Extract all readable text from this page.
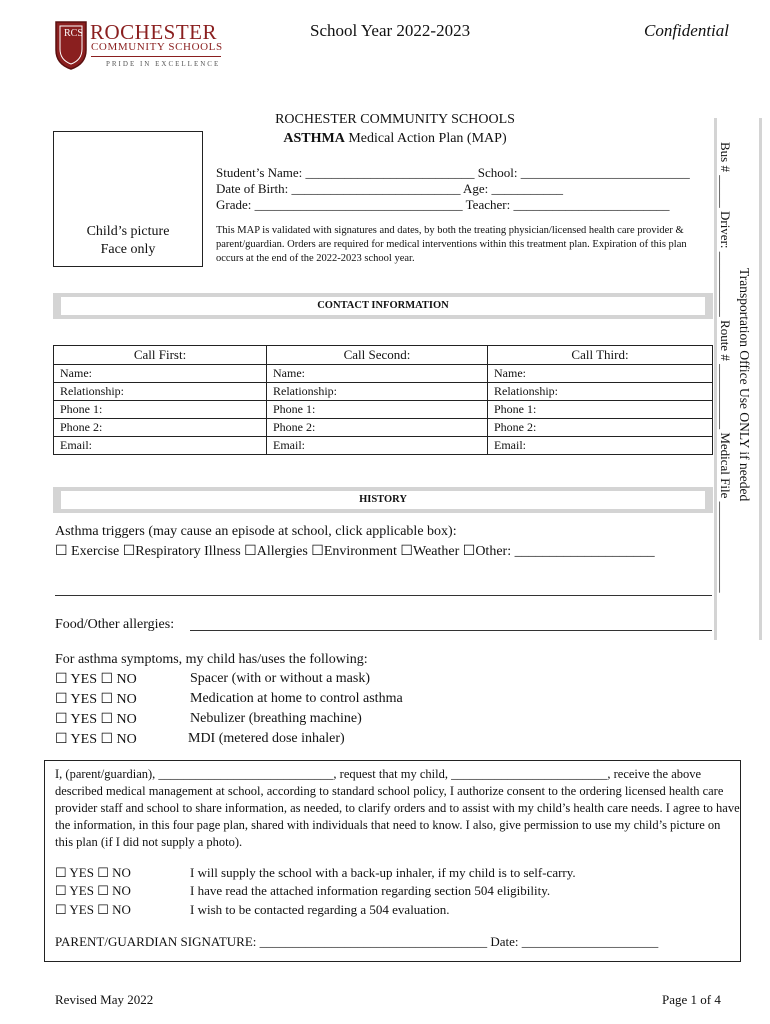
RCS ROCHESTER
COMMUNITY SCHOOLS
PRIDE IN EXCELLENCE
School Year 2022-2023	Confidential
ROCHESTER COMMUNITY SCHOOLS
ASTHMA Medical Action Plan (MAP)
Child’s picture
Face only
Student’s Name: __________________________ School: __________________________
Date of Birth: __________________________ Age: ___________
Grade: ________________________________ Teacher: ________________________
This MAP is validated with signatures and dates, by both the treating physician/licensed health care provider & parent/guardian. Orders are required for medical interventions within this treatment plan. Expiration of this plan occurs at the end of the 2022-2023 school year.
CONTACT INFORMATION
Call First:	Call Second:	Call Third:
Name:	Name:	Name:
Relationship:	Relationship:	Relationship:
Phone 1:	Phone 1:	Phone 1:
Phone 2:	Phone 2:	Phone 2:
Email:	Email:	Email:
HISTORY
Asthma triggers (may cause an episode at school, click applicable box):
☐ Exercise ☐Respiratory Illness ☐Allergies ☐Environment ☐Weather ☐Other: ____________________
Food/Other allergies:
For asthma symptoms, my child has/uses the following:
☐ YES ☐ NO	Spacer (with or without a mask)
☐ YES ☐ NO	Medication at home to control asthma
☐ YES ☐ NO	Nebulizer (breathing machine)
☐ YES ☐ NO	MDI (metered dose inhaler)
I, (parent/guardian), ____________________________, request that my child, _________________________, receive the above described medical management at school, according to standard school policy, I authorize consent to the ordering licensed health care provider staff and school to share information, as needed, to clarify orders and to assist with my child’s health care needs. I agree to have the information, in this four page plan, shared with individuals that need to know. I also, give permission to use my child’s picture on this plan (if I did not supply a photo).
☐ YES ☐ NO	I will supply the school with a back-up inhaler, if my child is to self-carry.
☐ YES ☐ NO	I have read the attached information regarding section 504 eligibility.
☐ YES ☐ NO	I wish to be contacted regarding a 504 evaluation.
PARENT/GUARDIAN SIGNATURE: ___________________________________ Date: _____________________
Transportation Office Use ONLY if needed
Bus # _____ Driver: __________ Route # __________ Medical File ______________
Revised May 2022	Page 1 of 4
